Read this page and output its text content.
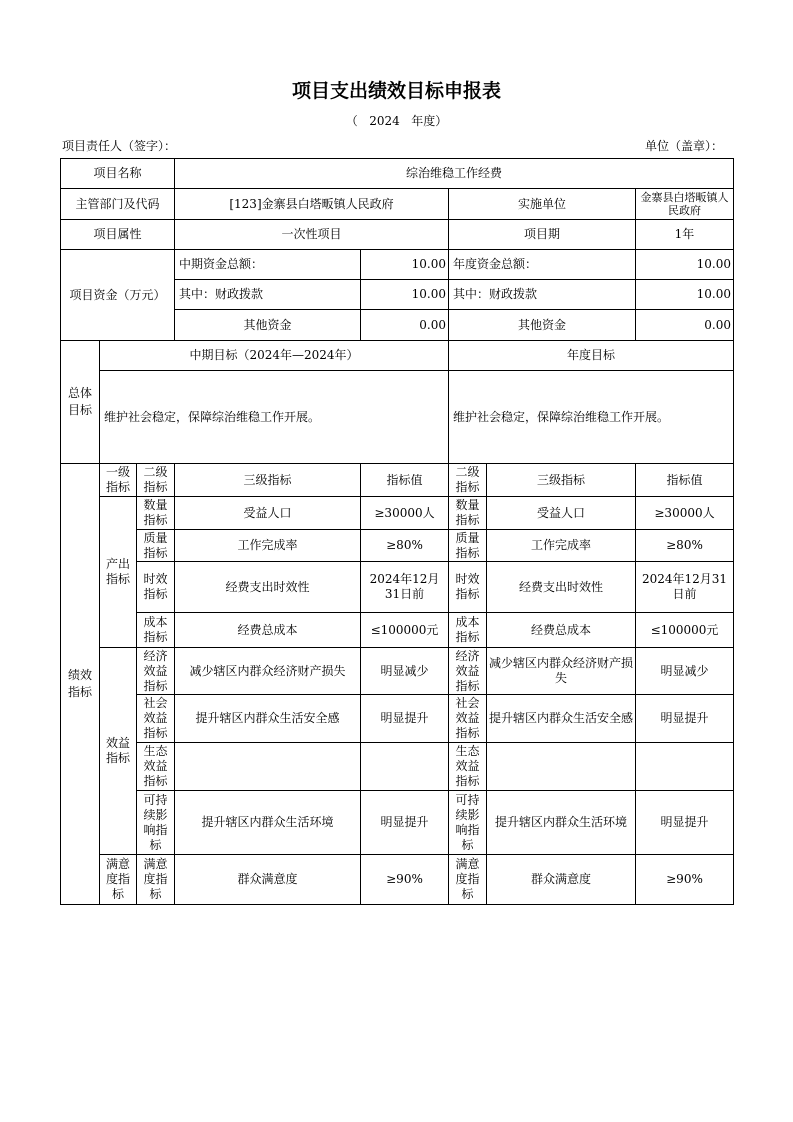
项目支出绩效目标申报表
（   2024   年度）
项目责任人（签字）：	单位（盖章）：
项目名称			综治维稳工作经费				
主管部门及代码			[123]金寨县白塔畈镇人民政府		实施单位		金寨县白塔畈镇人民政府
项目属性			一次性项目		项目期		1年
项目资金（万元）			中期资金总额：	10.00	年度资金总额：		10.00
			其中：财政拨款	10.00	其中：财政拨款		10.00
			其他资金	0.00	其他资金		0.00
总体目标	中期目标（2024年—2024年）				年度目标		
	维护社会稳定，保障综治维稳工作开展。				维护社会稳定，保障综治维稳工作开展。		
绩效指标	一级指标	二级指标	三级指标	指标值	二级指标	三级指标	指标值
	产出指标	数量指标	受益人口	≥30000人	数量指标	受益人口	≥30000人
		质量指标	工作完成率	≥80%	质量指标	工作完成率	≥80%
		时效指标	经费支出时效性	2024年12月31日前	时效指标	经费支出时效性	2024年12月31日前
		成本指标	经费总成本	≤100000元	成本指标	经费总成本	≤100000元
	效益指标	经济效益指标	减少辖区内群众经济财产损失	明显减少	经济效益指标	减少辖区内群众经济财产损失	明显减少
		社会效益指标	提升辖区内群众生活安全感	明显提升	社会效益指标	提升辖区内群众生活安全感	明显提升
		生态效益指标			生态效益指标		
		可持续影响指标	提升辖区内群众生活环境	明显提升	可持续影响指标	提升辖区内群众生活环境	明显提升
	满意度指标	满意度指标	群众满意度	≥90%	满意度指标	群众满意度	≥90%
